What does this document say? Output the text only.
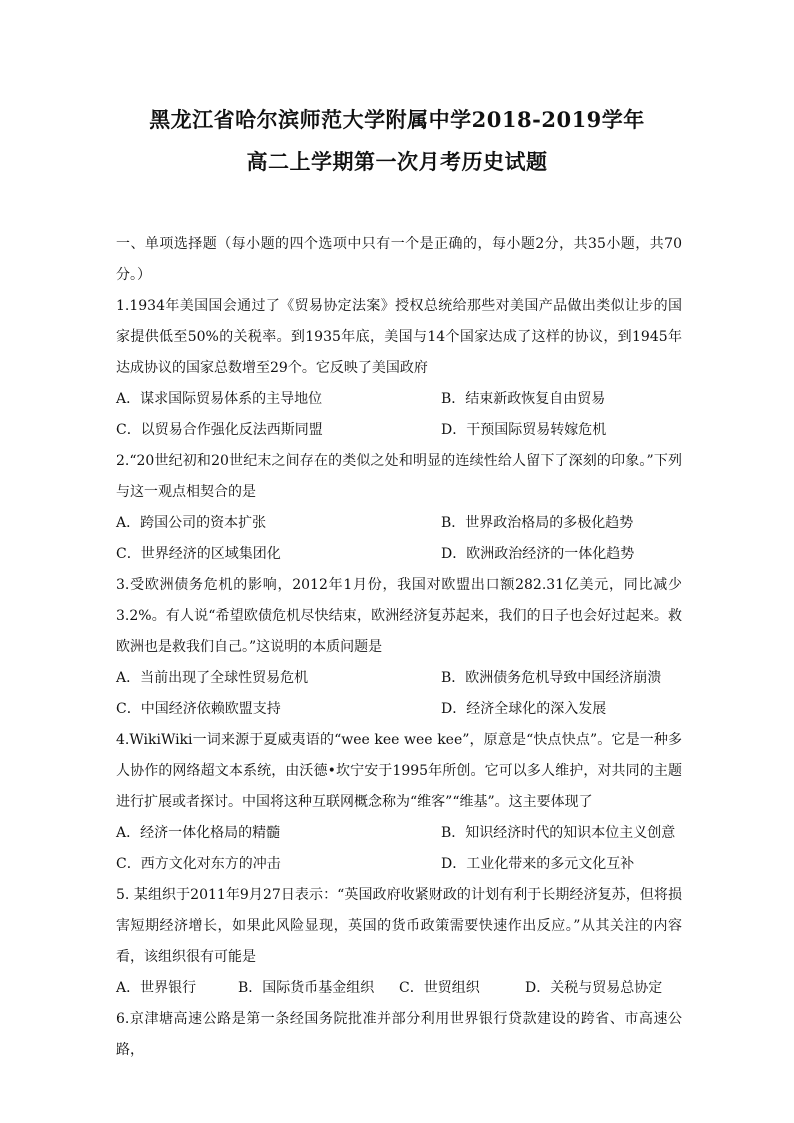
黑龙江省哈尔滨师范大学附属中学2018-2019学年
高二上学期第一次月考历史试题

一、单项选择题（每小题的四个选项中只有一个是正确的，每小题2分，共35小题，共70分。）

1.1934年美国国会通过了《贸易协定法案》授权总统给那些对美国产品做出类似让步的国家提供低至50%的关税率。到1935年底，美国与14个国家达成了这样的协议，到1945年达成协议的国家总数增至29个。它反映了美国政府

A．谋求国际贸易体系的主导地位	B．结束新政恢复自由贸易
C．以贸易合作强化反法西斯同盟	D．干预国际贸易转嫁危机

2.“20世纪初和20世纪末之间存在的类似之处和明显的连续性给人留下了深刻的印象。”下列与这一观点相契合的是

A．跨国公司的资本扩张	B．世界政治格局的多极化趋势
C．世界经济的区域集团化	D．欧洲政治经济的一体化趋势

3.受欧洲债务危机的影响，2012年1月份，我国对欧盟出口额282.31亿美元，同比减少3.2%。有人说“希望欧债危机尽快结束，欧洲经济复苏起来，我们的日子也会好过起来。救欧洲也是救我们自己。”这说明的本质问题是

A．当前出现了全球性贸易危机	B．欧洲债务危机导致中国经济崩溃
C．中国经济依赖欧盟支持	D．经济全球化的深入发展

4.WikiWiki一词来源于夏威夷语的“wee kee wee kee”，原意是“快点快点”。它是一种多人协作的网络超文本系统，由沃德•坎宁安于1995年所创。它可以多人维护，对共同的主题进行扩展或者探讨。中国将这种互联网概念称为“维客”“维基”。这主要体现了

A．经济一体化格局的精髓	B．知识经济时代的知识本位主义创意
C．西方文化对东方的冲击	D．工业化带来的多元文化互补

5. 某组织于2011年9月27日表示：“英国政府收紧财政的计划有利于长期经济复苏，但将损害短期经济增长，如果此风险显现，英国的货币政策需要快速作出反应。”从其关注的内容看，该组织很有可能是

A．世界银行	B．国际货币基金组织 C．世贸组织	D．关税与贸易总协定

6.京津塘高速公路是第一条经国务院批准并部分利用世界银行贷款建设的跨省、市高速公路，
